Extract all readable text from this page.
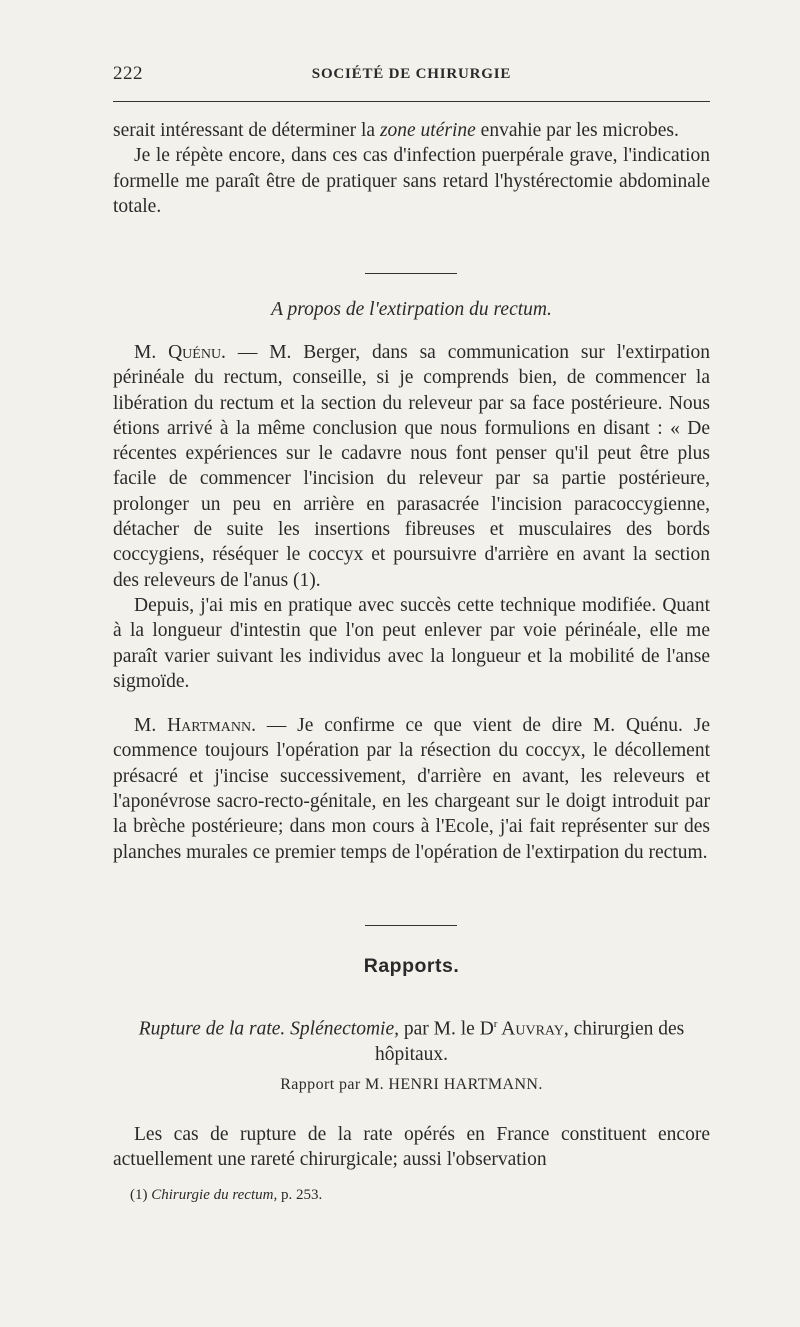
222	SOCIÉTÉ DE CHIRURGIE

serait intéressant de déterminer la zone utérine envahie par les microbes.

Je le répète encore, dans ces cas d'infection puerpérale grave, l'indication formelle me paraît être de pratiquer sans retard l'hystérectomie abdominale totale.

A propos de l'extirpation du rectum.

M. Quénu. — M. Berger, dans sa communication sur l'extirpation périnéale du rectum, conseille, si je comprends bien, de commencer la libération du rectum et la section du releveur par sa face postérieure. Nous étions arrivé à la même conclusion que nous formulions en disant : « De récentes expériences sur le cadavre nous font penser qu'il peut être plus facile de commencer l'incision du releveur par sa partie postérieure, prolonger un peu en arrière en parasacrée l'incision paracoccygienne, détacher de suite les insertions fibreuses et musculaires des bords coccygiens, réséquer le coccyx et poursuivre d'arrière en avant la section des releveurs de l'anus (1).

Depuis, j'ai mis en pratique avec succès cette technique modifiée. Quant à la longueur d'intestin que l'on peut enlever par voie périnéale, elle me paraît varier suivant les individus avec la longueur et la mobilité de l'anse sigmoïde.

M. Hartmann. — Je confirme ce que vient de dire M. Quénu. Je commence toujours l'opération par la résection du coccyx, le décollement présacré et j'incise successivement, d'arrière en avant, les releveurs et l'aponévrose sacro-recto-génitale, en les chargeant sur le doigt introduit par la brèche postérieure; dans mon cours à l'Ecole, j'ai fait représenter sur des planches murales ce premier temps de l'opération de l'extirpation du rectum.

Rapports.
Rupture de la rate. Splénectomie, par M. le $D^r$ Auvray, chirurgien des hôpitaux.
Rapport par M. HENRI HARTMANN.

Les cas de rupture de la rate opérés en France constituent encore actuellement une rareté chirurgicale; aussi l'observation

(1) Chirurgie du rectum, p. 253.
